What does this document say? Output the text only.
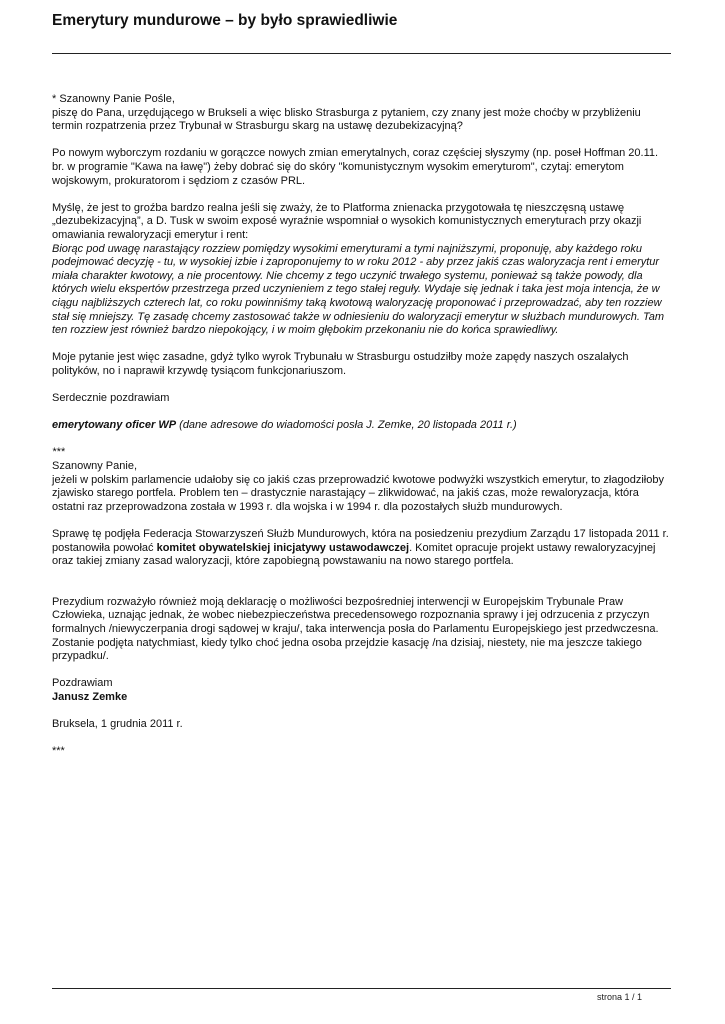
Emerytury mundurowe – by było sprawiedliwie

* Szanowny Panie Pośle,

piszę do Pana, urzędującego w Brukseli a więc blisko Strasburga z pytaniem, czy znany jest może choćby w przybliżeniu termin rozpatrzenia przez Trybunał w Strasburgu skarg na ustawę dezubekizacyjną?

Po nowym wyborczym rozdaniu w gorączce nowych zmian emerytalnych, coraz częściej słyszymy (np. poseł Hoffman 20.11. br. w programie "Kawa na ławę") żeby dobrać się do skóry "komunistycznym wysokim emeryturom", czytaj: emerytom wojskowym, prokuratorom i sędziom z czasów PRL.

Myślę, że jest to groźba bardzo realna jeśli się zważy, że to Platforma znienacka przygotowała tę nieszczęsną ustawę „dezubekizacyjną”, a D. Tusk w swoim exposé wyraźnie wspomniał o wysokich komunistycznych emeryturach przy okazji omawiania rewaloryzacji emerytur i rent:
Biorąc pod uwagę narastający rozziew pomiędzy wysokimi emeryturami a tymi najniższymi, proponuję, aby każdego roku podejmować decyzję - tu, w wysokiej izbie i zaproponujemy to w roku 2012 - aby przez jakiś czas waloryzacja rent i emerytur miała charakter kwotowy, a nie procentowy. Nie chcemy z tego uczynić trwałego systemu, ponieważ są także powody, dla których wielu ekspertów przestrzega przed uczynieniem z tego stałej reguły. Wydaje się jednak i taka jest moja intencja, że w ciągu najbliższych czterech lat, co roku powinniśmy taką kwotową waloryzację proponować i przeprowadzać, aby ten rozziew stał się mniejszy. Tę zasadę chcemy zastosować także w odniesieniu do waloryzacji emerytur w służbach mundurowych. Tam ten rozziew jest również bardzo niepokojący, i w moim głębokim przekonaniu nie do końca sprawiedliwy.

Moje pytanie jest więc zasadne, gdyż tylko wyrok Trybunału w Strasburgu ostudziłby może zapędy naszych oszalałych polityków, no i naprawił krzywdę tysiącom funkcjonariuszom.

Serdecznie pozdrawiam

emerytowany oficer WP (dane adresowe do wiadomości posła J. Zemke, 20 listopada 2011 r.)

***

Szanowny Panie,

jeżeli w polskim parlamencie udałoby się co jakiś czas przeprowadzić kwotowe podwyżki wszystkich emerytur, to złagodziłoby zjawisko starego portfela. Problem ten – drastycznie narastający – zlikwidować, na jakiś czas, może rewaloryzacja, która ostatni raz przeprowadzona została w 1993 r. dla wojska i w 1994 r. dla pozostałych służb mundurowych.

Sprawę tę podjęła Federacja Stowarzyszeń Służb Mundurowych, która na posiedzeniu prezydium Zarządu 17 listopada 2011 r. postanowiła powołać komitet obywatelskiej inicjatywy ustawodawczej. Komitet opracuje projekt ustawy rewaloryzacyjnej oraz takiej zmiany zasad waloryzacji, które zapobiegną powstawaniu na nowo starego portfela.

Prezydium rozważyło również moją deklarację o możliwości bezpośredniej interwencji w Europejskim Trybunale Praw Człowieka, uznając jednak, że wobec niebezpieczeństwa precedensowego rozpoznania sprawy i jej odrzucenia z przyczyn formalnych /niewyczerpania drogi sądowej w kraju/, taka interwencja posła do Parlamentu Europejskiego jest przedwczesna. Zostanie podjęta natychmiast, kiedy tylko choć jedna osoba przejdzie kasację /na dzisiaj, niestety, nie ma jeszcze takiego przypadku/.

Pozdrawiam

Janusz Zemke

Bruksela, 1 grudnia 2011 r.

***

strona 1 / 1
